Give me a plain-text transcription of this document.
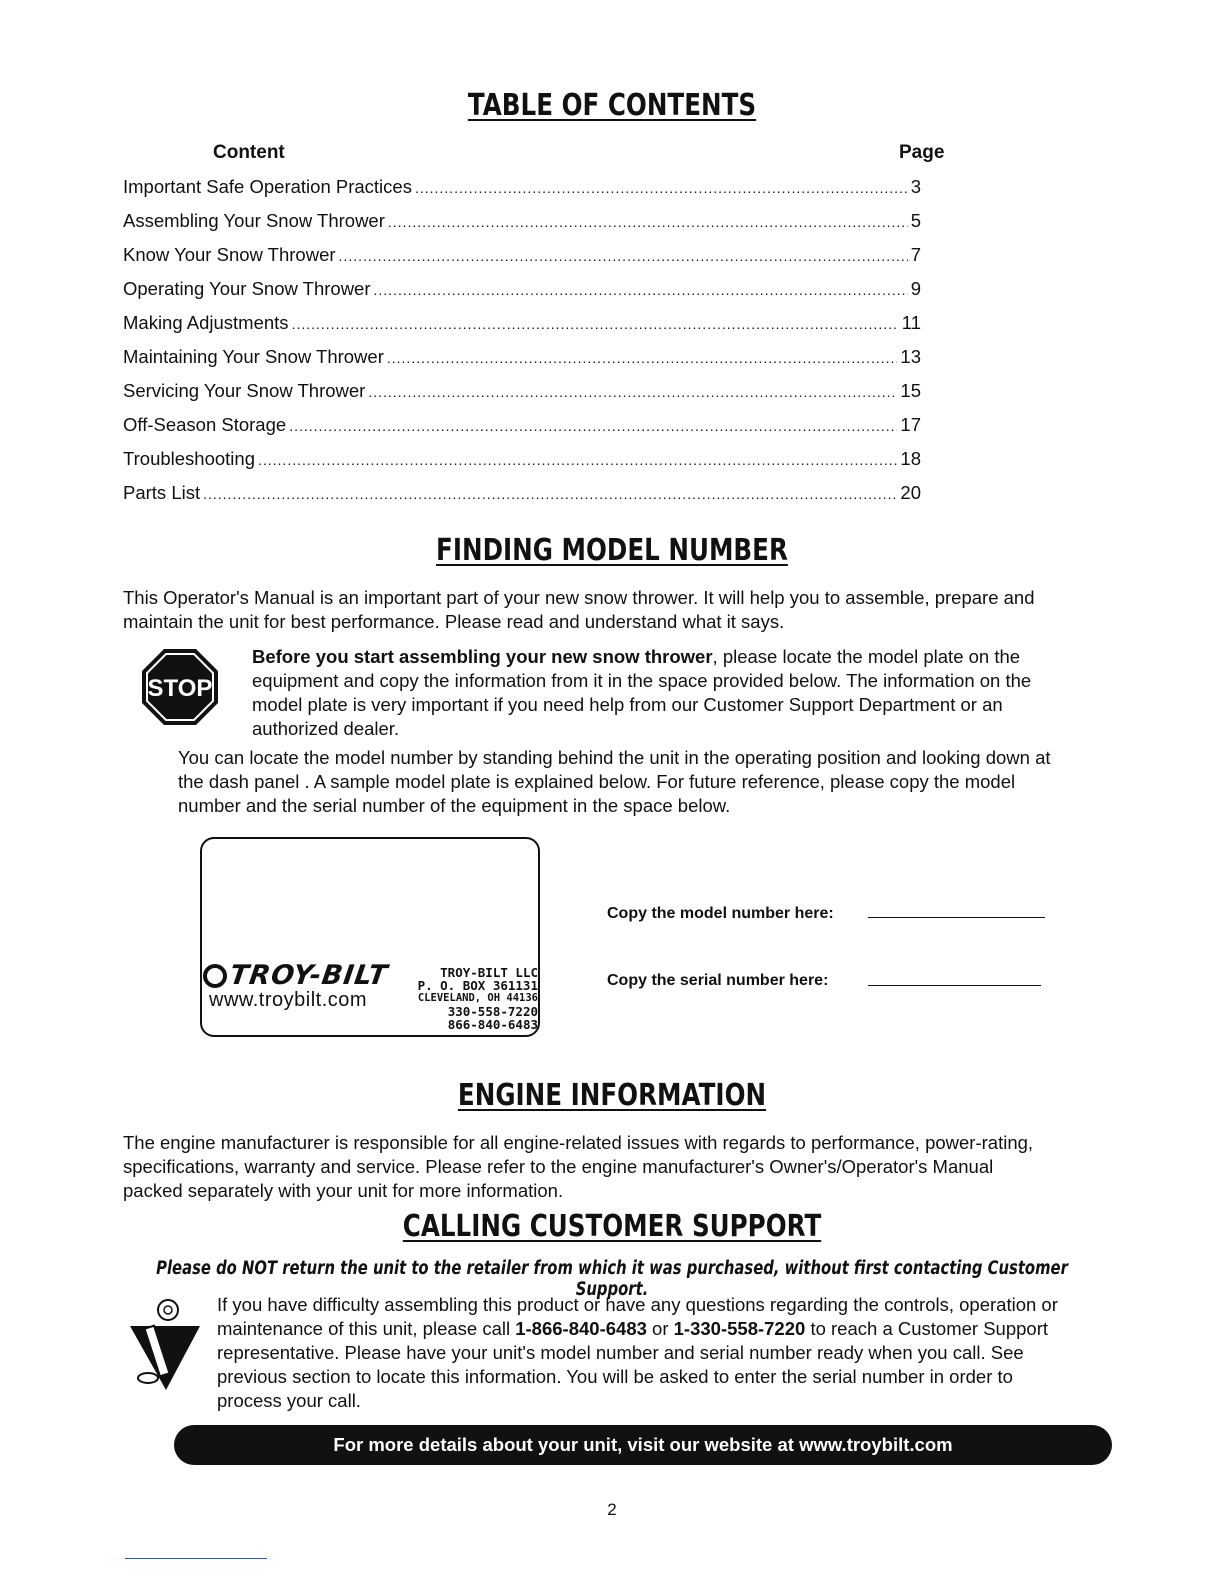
TABLE OF CONTENTS
Content	Page
Important Safe Operation Practices .....	3
Assembling Your Snow Thrower .....	5
Know Your Snow Thrower .....	7
Operating Your Snow Thrower .....	9
Making Adjustments .....	11
Maintaining Your Snow Thrower .....	13
Servicing Your Snow Thrower .....	15
Off-Season Storage .....	17
Troubleshooting .....	18
Parts List .....	20
FINDING MODEL NUMBER
This Operator's Manual is an important part of your new snow thrower. It will help you to assemble, prepare and
maintain the unit for best performance. Please read and understand what it says.
STOP
Before you start assembling your new snow thrower, please locate the model plate on the
equipment and copy the information from it in the space provided below. The information on the
model plate is very important if you need help from our Customer Support Department or an
authorized dealer.
You can locate the model number by standing behind the unit in the operating position and looking down at
the dash panel . A sample model plate is explained below. For future reference, please copy the model
number and the serial number of the equipment in the space below.
TROY-BILT
www.troybilt.com
TROY-BILT LLC
P. O. BOX 361131
CLEVELAND, OH 44136
330-558-7220
866-840-6483
Copy the model number here:
Copy the serial number here:
ENGINE INFORMATION
The engine manufacturer is responsible for all engine-related issues with regards to performance, power-rating,
specifications, warranty and service. Please refer to the engine manufacturer's Owner's/Operator's Manual
packed separately with your unit for more information.
CALLING CUSTOMER SUPPORT
Please do NOT return the unit to the retailer from which it was purchased, without first contacting Customer Support.
If you have difficulty assembling this product or have any questions regarding the controls, operation or
maintenance of this unit, please call 1-866-840-6483 or 1-330-558-7220 to reach a Customer Support
representative. Please have your unit's model number and serial number ready when you call. See
previous section to locate this information. You will be asked to enter the serial number in order to
process your call.
For more details about your unit, visit our website at www.troybilt.com
2
